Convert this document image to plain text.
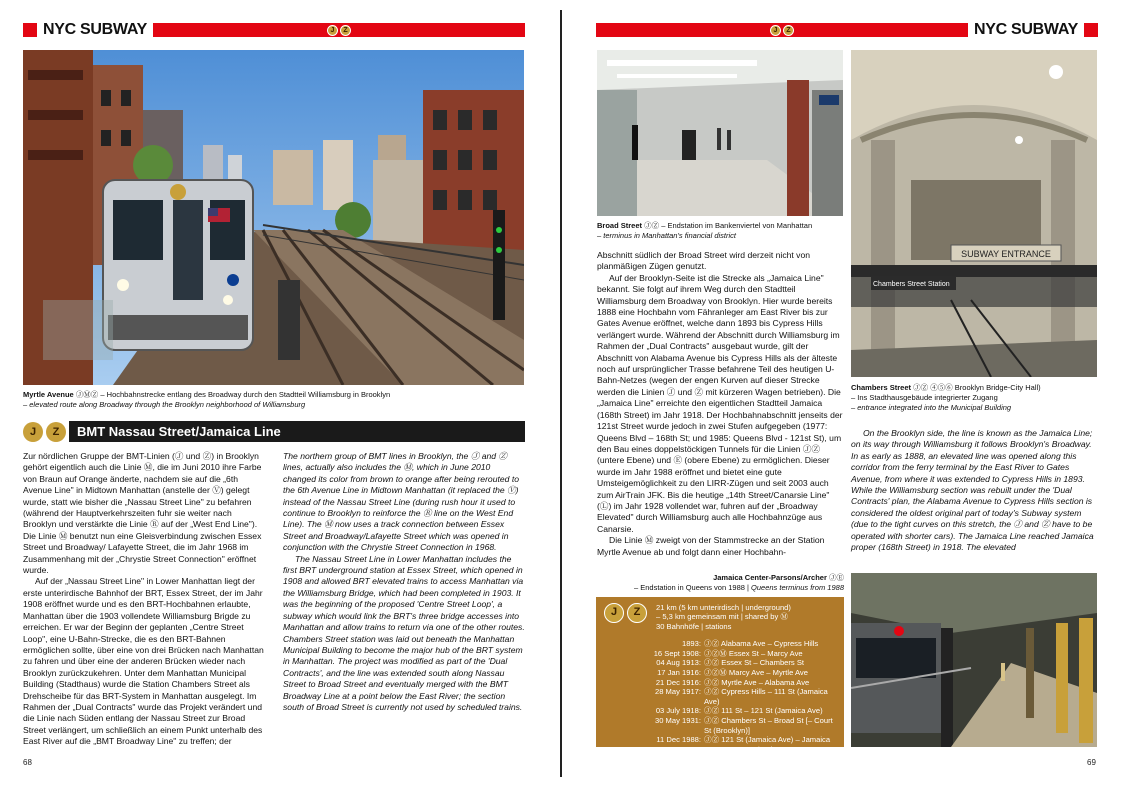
NYC SUBWAY	J	Z
Myrtle Avenue ⒿⓂⓏ – Hochbahnstrecke entlang des Broadway durch den Stadtteil Williamsburg in Brooklyn
– elevated route along Broadway through the Brooklyn neighborhood of Williamsburg
J	Z	BMT Nassau Street/Jamaica Line

Zur nördlichen Gruppe der BMT-Linien (Ⓙ und Ⓩ) in Brooklyn gehört eigentlich auch die Linie Ⓜ, die im Juni 2010 ihre Farbe von Braun auf Orange änderte, nachdem sie auf die „6th Avenue Line" in Midtown Manhattan (anstelle der Ⓥ) gelegt wurde, statt wie bisher die „Nassau Street Line" zu befahren (während der Hauptverkehrszeiten fuhr sie weiter nach Brooklyn und verstärkte die Linie Ⓡ auf der „West End Line"). Die Linie Ⓜ benutzt nun eine Gleisverbindung zwischen Essex Street und Broadway/ Lafayette Street, die im Jahr 1968 im Zusammenhang mit der „Chrystie Street Connection" eröffnet wurde.

Auf der „Nassau Street Line" in Lower Manhattan liegt der erste unterirdische Bahnhof der BRT, Essex Street, der im Jahr 1908 eröffnet wurde und es den BRT-Hochbahnen erlaubte, Manhattan über die 1903 vollendete Williamsburg Brigde zu erreichen. Er war der Beginn der geplanten „Centre Street Loop", eine U-Bahn-Strecke, die es den BRT-Bahnen ermöglichen sollte, über eine von drei Brücken nach Manhattan zu fahren und über eine der anderen Brücken wieder nach Brooklyn zurückzukehren. Unter dem Manhattan Municipal Building (Stadthaus) wurde die Station Chambers Street als Drehscheibe für das BRT-System in Manhattan ausgelegt. Im Rahmen der „Dual Contracts" wurde das Projekt verändert und die Linie nach Süden entlang der Nassau Street zur Broad Street verlängert, um schließlich an einem Punkt unterhalb des East River auf die „BMT Broadway Line" zu treffen; der

The northern group of BMT lines in Brooklyn, the Ⓙ and Ⓩ lines, actually also includes the Ⓜ, which in June 2010 changed its color from brown to orange after being rerouted to the 6th Avenue Line in Midtown Manhattan (it replaced the Ⓥ) instead of the Nassau Street Line (during rush hour it used to continue to Brooklyn to reinforce the Ⓡ line on the West End Line). The Ⓜ now uses a track connection between Essex Street and Broadway/Lafayette Street which was opened in conjunction with the Chrystie Street Connection in 1968.

The Nassau Street Line in Lower Manhattan includes the first BRT underground station at Essex Street, which opened in 1908 and allowed BRT elevated trains to access Manhattan via the Williamsburg Bridge, which had been completed in 1903. It was the beginning of the proposed 'Centre Street Loop', a subway which would link the BRT's three bridge accesses into Manhattan and allow trains to return via one of the other routes. Chambers Street station was laid out beneath the Manhattan Municipal Building to become the major hub of the BRT system in Manhattan. The project was modified as part of the 'Dual Contracts', and the line was extended south along Nassau Street to Broad Street and eventually merged with the BMT Broadway Line at a point below the East River; the section south of Broad Street is currently not used by scheduled trains.

68
J	Z	NYC SUBWAY
Broad Street ⒿⓏ – Endstation im Bankenviertel von Manhattan
– terminus in Manhattan's financial district
SUBWAY ENTRANCE
Chambers Street Station
Chambers Street ⒿⓏ ④⑤⑥ Brooklyn Bridge-City Hall)
– Ins Stadthausgebäude integrierter Zugang
– entrance integrated into the Municipal Building

Abschnitt südlich der Broad Street wird derzeit nicht von planmäßigen Zügen genutzt.

Auf der Brooklyn-Seite ist die Strecke als „Jamaica Line" bekannt. Sie folgt auf ihrem Weg durch den Stadtteil Williamsburg dem Broadway von Brooklyn. Hier wurde bereits 1888 eine Hochbahn vom Fähranleger am East River bis zur Gates Avenue eröffnet, welche dann 1893 bis Cypress Hills verlängert wurde. Während der Abschnitt durch Williamsburg im Rahmen der „Dual Contracts" ausgebaut wurde, gilt der Abschnitt von Alabama Avenue bis Cypress Hills als der älteste noch auf ursprünglicher Trasse befahrene Teil des heutigen U-Bahn-Netzes (wegen der engen Kurven auf dieser Strecke werden die Linien Ⓙ und Ⓩ mit kürzeren Wagen betrieben). Die „Jamaica Line" erreichte den eigentlichen Stadtteil Jamaica (168th Street) im Jahr 1918. Der Hochbahnabschnitt jenseits der 121st Street wurde jedoch in zwei Stufen aufgegeben (1977: Queens Blvd – 168th St; und 1985: Queens Blvd - 121st St), um den Bau eines doppelstöckigen Tunnels für die Linien ⒿⓏ (untere Ebene) und Ⓔ (obere Ebene) zu ermöglichen. Dieser wurde im Jahr 1988 eröffnet und bietet eine gute Umsteigemöglichkeit zu den LIRR-Zügen und seit 2003 auch zum AirTrain JFK. Bis die heutige „14th Street/Canarsie Line" (Ⓛ) im Jahr 1928 vollendet war, fuhren auf der „Broadway Elevated" durch Williamsburg auch alle Hochbahnzüge aus Canarsie.

Die Linie Ⓜ zweigt von der Stammstrecke an der Station Myrtle Avenue ab und folgt dann einer Hochbahn-

On the Brooklyn side, the line is known as the Jamaica Line; on its way through Williamsburg it follows Brooklyn's Broadway. In as early as 1888, an elevated line was opened along this corridor from the ferry terminal by the East River to Gates Avenue, from where it was extended to Cypress Hills in 1893. While the Williamsburg section was rebuilt under the 'Dual Contracts' plan, the Alabama Avenue to Cypress Hills section is considered the oldest original part of today's Subway system (due to the tight curves on this stretch, the Ⓙ and Ⓩ have to be operated with shorter cars). The Jamaica Line reached Jamaica proper (168th Street) in 1918. The elevated

Jamaica Center-Parsons/Archer ⒿⒺ
– Endstation in Queens von 1988 | Queens terminus from 1988
J	Z	21 km (5 km unterirdisch | underground)
– 5,3 km gemeinsam mit | shared by Ⓜ
30 Bahnhöfe | stations
1893: ⒿⓏ Alabama Ave – Cypress Hills
16 Sept 1908: ⒿⓏⓂ Essex St – Marcy Ave
04 Aug 1913: ⒿⓏ Essex St – Chambers St
17 Jan 1916: ⒿⓏⓂ Marcy Ave – Myrtle Ave
21 Dec 1916: ⒿⓏ Myrtle Ave – Alabama Ave
28 May 1917: ⒿⓏ Cypress Hills – 111 St (Jamaica Ave)
03 July 1918: ⒿⓏ 111 St – 121 St (Jamaica Ave)
30 May 1931: ⒿⓏ Chambers St – Broad St [– Court St (Brooklyn)]
11 Dec 1988: ⒿⓏ 121 St (Jamaica Ave) – Jamaica Center-Parsons/Archer
69
